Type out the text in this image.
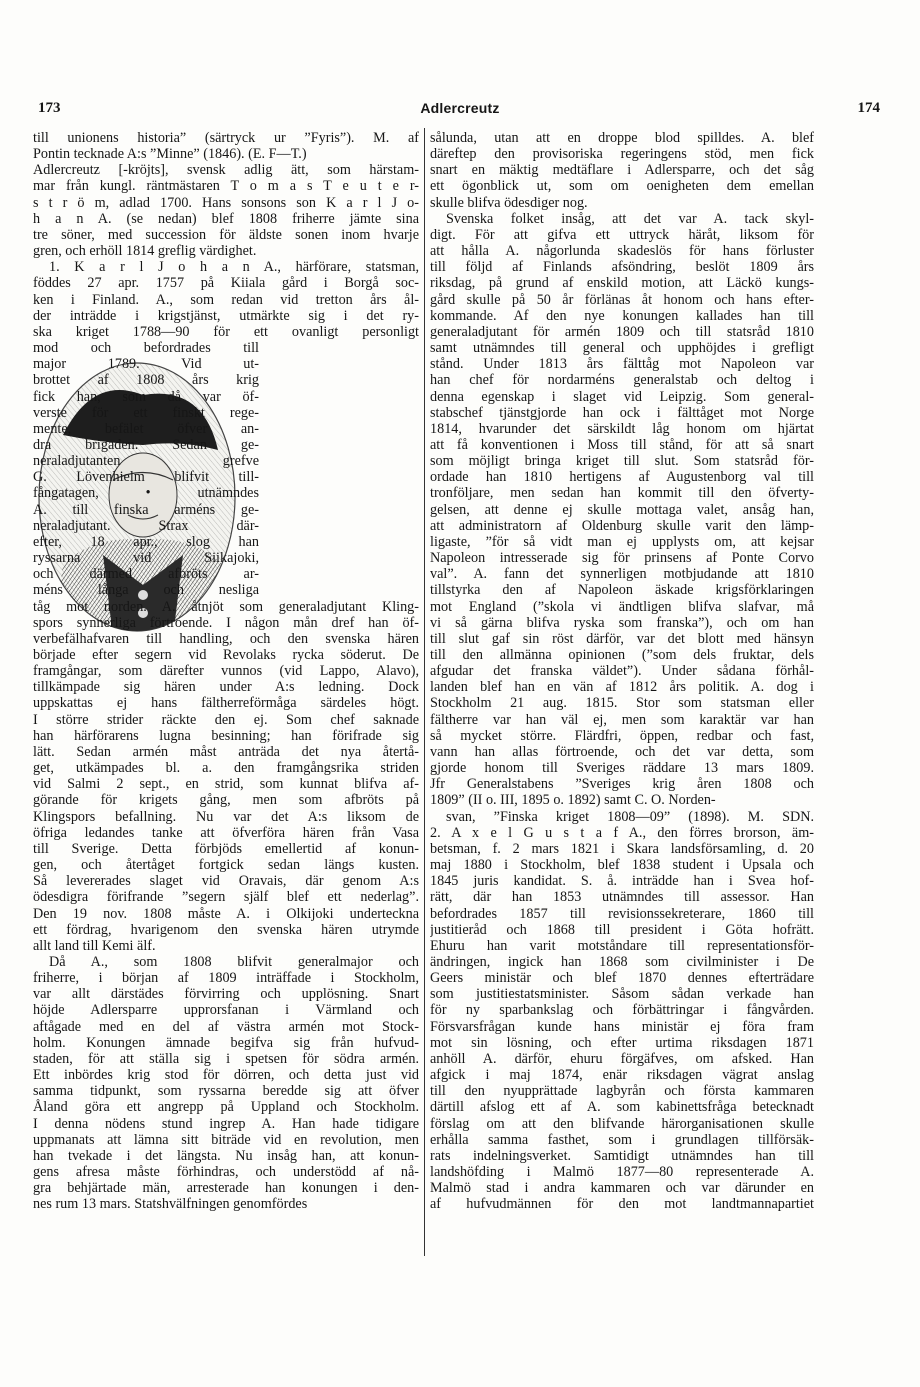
173	Adlercreutz	174
till unionens historia” (särtryck ur ”Fyris”). M. af
Pontin tecknade A:s ”Minne” (1846). (E. F—T.)
Adlercreutz [-kröjts], svensk adlig ätt, som härstam-
mar från kungl. räntmästaren T o m a s T e u t e r-
s t r ö m, adlad 1700. Hans sonsons son K a r l J o-
h a n A. (se nedan) blef 1808 friherre jämte sina
tre söner, med succession för äldste sonen inom hvarje
gren, och erhöll 1814 greflig värdighet.
1. K a r l J o h a n A., härförare, statsman,
föddes 27 apr. 1757 på Kiiala gård i Borgå soc-
ken i Finland. A., som redan vid tretton års ål-
der inträdde i krigstjänst, utmärkte sig i det ry-
ska kriget 1788—90 för ett ovanligt personligt
mod och befordrades till
major 1789. Vid ut-
brottet af 1808 års krig
fick han, som då var öf-
verste för ett finskt rege-
mente, befälet öfver an-
dra brigaden. Sedan ge-
neraladjutanten grefve
G. Lövenhielm blifvit till-
fångatagen, • utnämndes
A. till finska arméns ge-
neraladjutant. Strax där-
efter, 18 apr., slog han
ryssarna vid Siikajoki,
och därmed afbröts ar-
méns långa och nesliga
tåg mot norden. A. åtnjöt som generaladjutant Kling-
spors synnerliga förtroende. I någon mån dref han öf-
verbefälhafvaren till handling, och den svenska hären
började efter segern vid Revolaks rycka söderut. De
framgångar, som därefter vunnos (vid Lappo, Alavo),
tillkämpade sig hären under A:s ledning. Dock
uppskattas ej hans fältherreförmåga särdeles högt.
I större strider räckte den ej. Som chef saknade
han härförarens lugna besinning; han förifrade sig
lätt. Sedan armén måst anträda det nya återtå-
get, utkämpades bl. a. den framgångsrika striden
vid Salmi 2 sept., en strid, som kunnat blifva af-
görande för krigets gång, men som afbröts på
Klingspors befallning. Nu var det A:s liksom de
öfriga ledandes tanke att öfverföra hären från Vasa
till Sverige. Detta förbjöds emellertid af konun-
gen, och återtåget fortgick sedan längs kusten.
Så levererades slaget vid Oravais, där genom A:s
ödesdigra förifrande ”segern själf blef ett nederlag”.
Den 19 nov. 1808 måste A. i Olkijoki underteckna
ett fördrag, hvarigenom den svenska hären utrymde
allt land till Kemi älf.
Då A., som 1808 blifvit generalmajor och
friherre, i början af 1809 inträffade i Stockholm,
var allt därstädes förvirring och upplösning. Snart
höjde Adlersparre upprorsfanan i Värmland och
aftågade med en del af västra armén mot Stock-
holm. Konungen ämnade begifva sig från hufvud-
staden, för att ställa sig i spetsen för södra armén.
Ett inbördes krig stod för dörren, och detta just vid
samma tidpunkt, som ryssarna beredde sig att öfver
Åland göra ett angrepp på Uppland och Stockholm.
I denna nödens stund ingrep A. Han hade tidigare
uppmanats att lämna sitt biträde vid en revolution, men
han tvekade i det längsta. Nu insåg han, att konun-
gens afresa måste förhindras, och understödd af nå-
gra behjärtade män, arresterade han konungen i den-
nes rum 13 mars. Statshvälfningen genomfördes
sålunda, utan att en droppe blod spilldes. A. blef
däreftер den provisoriska regeringens stöd, men fick
snart en mäktig medtäflare i Adlersparre, och det såg
ett ögonblick ut, som om oenigheten dem emellan
skulle blifva ödesdiger nog.
Svenska folket insåg, att det var A. tack skyl-
digt. För att gifva ett uttryck häråt, liksom för
att hålla A. någorlunda skadeslös för hans förluster
till följd af Finlands afsöndring, beslöt 1809 års
riksdag, på grund af enskild motion, att Läckö kungs-
gård skulle på 50 år förlänas åt honom och hans efter-
kommande. Af den nye konungen kallades han till
generaladjutant för armén 1809 och till statsråd 1810
samt utnämndes till general och upphöjdes i grefligt
stånd. Under 1813 års fälttåg mot Napoleon var
han chef för nordarméns generalstab och deltog i
denna egenskap i slaget vid Leipzig. Som general-
stabschef tjänstgjorde han ock i fälttåget mot Norge
1814, hvarunder det särskildt låg honom om hjärtat
att få konventionen i Moss till stånd, för att så snart
som möjligt bringa kriget till slut. Som statsråd för-
ordade han 1810 hertigens af Augustenborg val till
tronföljare, men sedan han kommit till den öfverty-
gelsen, att denne ej skulle mottaga valet, ansåg han,
att administratorn af Oldenburg skulle varit den lämp-
ligaste, ”för så vidt man ej upplysts om, att kejsar
Napoleon intresserade sig för prinsens af Ponte Corvo
val”. A. fann det synnerligen motbjudande att 1810
tillstyrka den af Napoleon äskade krigsförklaringen
mot England (”skola vi ändtligen blifva slafvar, må
vi så gärna blifva ryska som franska”), och om han
till slut gaf sin röst därför, var det blott med hänsyn
till den allmänna opinionen (”som dels fruktar, dels
afgudar det franska väldet”). Under sådana förhål-
landen blef han en vän af 1812 års politik. A. dog i
Stockholm 21 aug. 1815. Stor som statsman eller
fältherre var han väl ej, men som karaktär var han
så mycket större. Flärdfri, öppen, redbar och fast,
vann han allas förtroende, och det var detta, som
gjorde honom till Sveriges räddare 13 mars 1809.
Jfr Generalstabens ”Sveriges krig åren 1808 och
1809” (II o. III, 1895 o. 1892) samt C. O. Norden-
svan, ”Finska kriget 1808—09” (1898). M. SDN.
2. A x e l G u s t a f A., den förres brorson, äm-
betsman, f. 2 mars 1821 i Skara landsförsamling, d. 20
maj 1880 i Stockholm, blef 1838 student i Upsala och
1845 juris kandidat. S. å. inträdde han i Svea hof-
rätt, där han 1853 utnämndes till assessor. Han
befordrades 1857 till revisionssekreterare, 1860 till
justitieråd och 1868 till president i Göta hofrätt.
Ehuru han varit motståndare till representationsför-
ändringen, ingick han 1868 som civilminister i De
Geers ministär och blef 1870 dennes efterträdare
som justitiestatsminister. Såsom sådan verkade han
för ny sparbankslag och förbättringar i fångvården.
Försvarsfrågan kunde hans ministär ej föra fram
mot sin lösning, och efter urtima riksdagen 1871
anhöll A. därför, ehuru förgäfves, om afsked. Han
afgick i maj 1874, enär riksdagen vägrat anslag
till den nyupprättade lagbyrån och första kammaren
därtill afslog ett af A. som kabinettsfråga betecknadt
förslag om att den blifvande härorganisationen skulle
erhålla samma fasthet, som i grundlagen tillförsäk-
rats indelningsverket. Samtidigt utnämndes han till
landshöfding i Malmö 1877—80 representerade A.
Malmö stad i andra kammaren och var därunder en
af hufvudmännen för den mot landtmannapartiet
